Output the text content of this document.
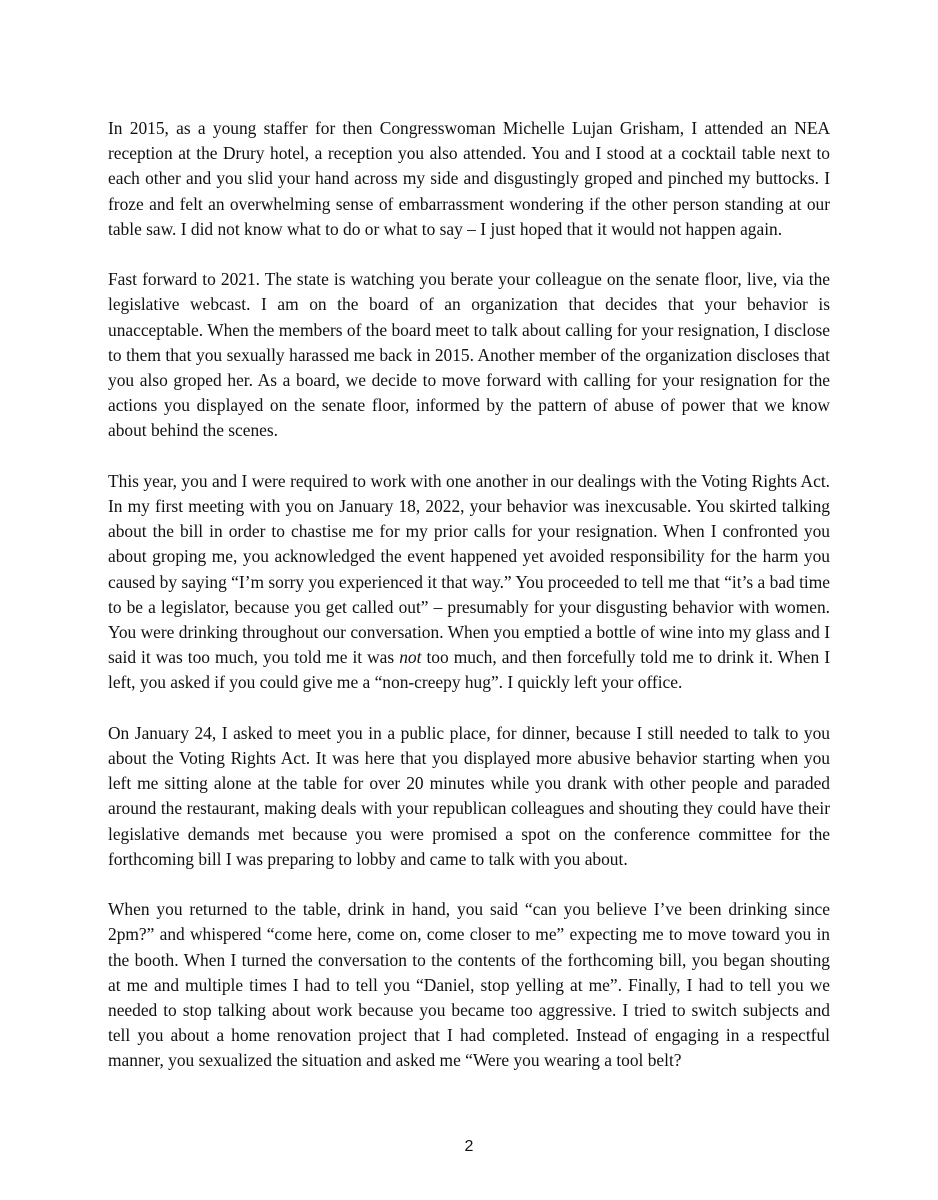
In 2015, as a young staffer for then Congresswoman Michelle Lujan Grisham, I attended an NEA reception at the Drury hotel, a reception you also attended. You and I stood at a cocktail table next to each other and you slid your hand across my side and disgustingly groped and pinched my buttocks. I froze and felt an overwhelming sense of embarrassment wondering if the other person standing at our table saw. I did not know what to do or what to say – I just hoped that it would not happen again.

Fast forward to 2021. The state is watching you berate your colleague on the senate floor, live, via the legislative webcast. I am on the board of an organization that decides that your behavior is unacceptable. When the members of the board meet to talk about calling for your resignation, I disclose to them that you sexually harassed me back in 2015. Another member of the organization discloses that you also groped her. As a board, we decide to move forward with calling for your resignation for the actions you displayed on the senate floor, informed by the pattern of abuse of power that we know about behind the scenes.

This year, you and I were required to work with one another in our dealings with the Voting Rights Act. In my first meeting with you on January 18, 2022, your behavior was inexcusable. You skirted talking about the bill in order to chastise me for my prior calls for your resignation. When I confronted you about groping me, you acknowledged the event happened yet avoided responsibility for the harm you caused by saying “I’m sorry you experienced it that way.” You proceeded to tell me that “it’s a bad time to be a legislator, because you get called out” – presumably for your disgusting behavior with women. You were drinking throughout our conversation. When you emptied a bottle of wine into my glass and I said it was too much, you told me it was not too much, and then forcefully told me to drink it. When I left, you asked if you could give me a “non-creepy hug”. I quickly left your office.

On January 24, I asked to meet you in a public place, for dinner, because I still needed to talk to you about the Voting Rights Act. It was here that you displayed more abusive behavior starting when you left me sitting alone at the table for over 20 minutes while you drank with other people and paraded around the restaurant, making deals with your republican colleagues and shouting they could have their legislative demands met because you were promised a spot on the conference committee for the forthcoming bill I was preparing to lobby and came to talk with you about.

When you returned to the table, drink in hand, you said “can you believe I’ve been drinking since 2pm?” and whispered “come here, come on, come closer to me” expecting me to move toward you in the booth. When I turned the conversation to the contents of the forthcoming bill, you began shouting at me and multiple times I had to tell you “Daniel, stop yelling at me”. Finally, I had to tell you we needed to stop talking about work because you became too aggressive. I tried to switch subjects and tell you about a home renovation project that I had completed. Instead of engaging in a respectful manner, you sexualized the situation and asked me “Were you wearing a tool belt?

2
